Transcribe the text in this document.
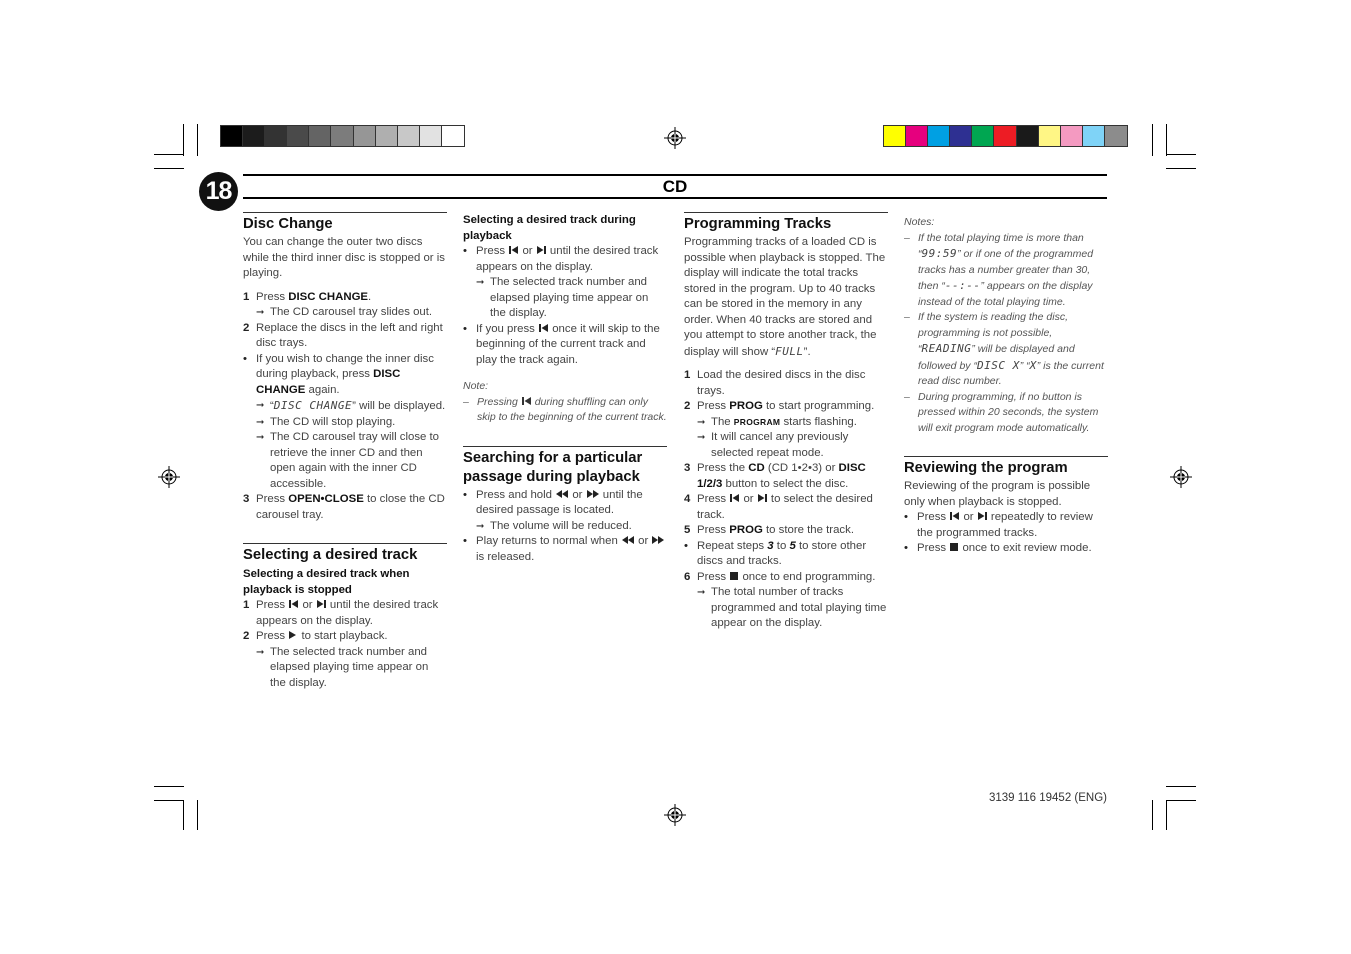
18	CD
Disc Change

You can change the outer two discs while the third inner disc is stopped or is playing.

1 Press DISC CHANGE.
➞ The CD carousel tray slides out.
2 Replace the discs in the left and right disc trays.
• If you wish to change the inner disc during playback, press DISC CHANGE again.
➞ “DISC CHANGE” will be displayed.
➞ The CD will stop playing.
➞ The CD carousel tray will close to retrieve the inner CD and then open again with the inner CD accessible.
3 Press OPEN•CLOSE to close the CD carousel tray.
Selecting a desired track
Selecting a desired track when playback is stopped
1 Press
or
until the desired track appears on the display.
2 Press
to start playback.
➞ The selected track number and elapsed playing time appear on the display.
Selecting a desired track during playback
• Press
or
until the desired track appears on the display.
➞ The selected track number and elapsed playing time appear on the display.
• If you press
once it will skip to the beginning of the current track and play the track again.
Note:
– Pressing
during shuffling can only skip to the beginning of the current track.
Searching for a particular passage during playback
• Press and hold
or
until the desired passage is located.
➞ The volume will be reduced.
• Play returns to normal when
or
is released.
Programming Tracks

Programming tracks of a loaded CD is possible when playback is stopped. The display will indicate the total tracks stored in the program. Up to 40 tracks can be stored in the memory in any order. When 40 tracks are stored and you attempt to store another track, the display will show “FULL”.

1 Load the desired discs in the disc trays.
2 Press PROG to start programming.
➞ The PROGRAM starts flashing.
➞ It will cancel any previously selected repeat mode.
3 Press the CD (CD 1•2•3) or DISC 1/2/3 button to select the disc.
4 Press
or
to select the desired track.
5 Press PROG to store the track.
• Repeat steps 3 to 5 to store other discs and tracks.
6 Press
once to end programming.
➞ The total number of tracks programmed and total playing time appear on the display.
Notes:
– If the total playing time is more than “99:59” or if one of the programmed tracks has a number greater than 30, then “--:--” appears on the display instead of the total playing time.
– If the system is reading the disc, programming is not possible, “READING” will be displayed and followed by “DISC X” “X” is the current read disc number.
– During programming, if no button is pressed within 20 seconds, the system will exit program mode automatically.
Reviewing the program

Reviewing of the program is possible only when playback is stopped.

• Press
or
repeatedly to review the programmed tracks.
• Press
once to exit review mode.
3139 116 19452 (ENG)
